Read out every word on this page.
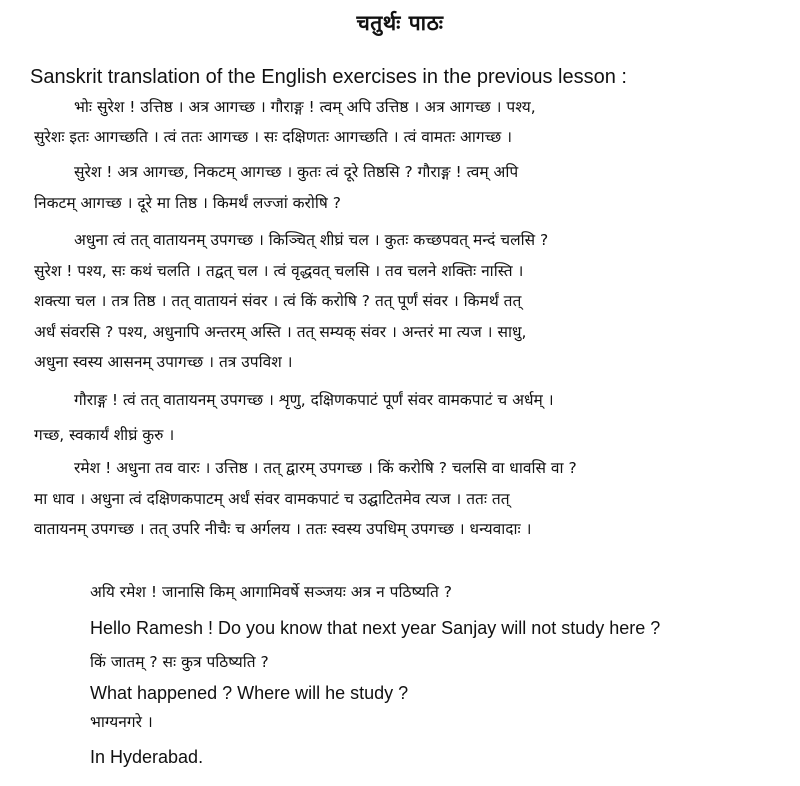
चतुर्थः पाठः
Sanskrit translation of the English exercises in the previous lesson :
भोः सुरेश ! उत्तिष्ठ । अत्र आगच्छ । गौराङ्ग ! त्वम् अपि उत्तिष्ठ । अत्र आगच्छ । पश्य,
सुरेशः इतः आगच्छति । त्वं ततः आगच्छ । सः दक्षिणतः आगच्छति । त्वं वामतः आगच्छ ।
सुरेश ! अत्र आगच्छ, निकटम् आगच्छ । कुतः त्वं दूरे तिष्ठसि ? गौराङ्ग ! त्वम् अपि
निकटम् आगच्छ । दूरे मा तिष्ठ । किमर्थं लज्जां करोषि ?
अधुना त्वं तत् वातायनम् उपगच्छ । किञ्चित् शीघ्रं चल । कुतः कच्छपवत् मन्दं चलसि ?
सुरेश ! पश्य, सः कथं चलति । तद्वत् चल । त्वं वृद्धवत् चलसि । तव चलने शक्तिः नास्ति ।
शक्त्या चल । तत्र तिष्ठ । तत् वातायनं संवर । त्वं किं करोषि ? तत् पूर्णं संवर । किमर्थं तत्
अर्धं संवरसि ? पश्य, अधुनापि अन्तरम् अस्ति । तत् सम्यक् संवर । अन्तरं मा त्यज । साधु,
अधुना स्वस्य आसनम् उपागच्छ । तत्र उपविश ।
गौराङ्ग ! त्वं तत् वातायनम् उपगच्छ । शृणु, दक्षिणकपाटं पूर्णं संवर वामकपाटं च अर्धम् ।
गच्छ, स्वकार्यं शीघ्रं कुरु ।
रमेश ! अधुना तव वारः । उत्तिष्ठ । तत् द्वारम् उपगच्छ । किं करोषि ? चलसि वा धावसि वा ?
मा धाव । अधुना त्वं दक्षिणकपाटम् अर्धं संवर वामकपाटं च उद्घाटितमेव त्यज । ततः तत्
वातायनम् उपगच्छ । तत् उपरि नीचैः च अर्गलय । ततः स्वस्य उपधिम् उपगच्छ । धन्यवादाः ।
अयि रमेश ! जानासि किम् आगामिवर्षे सञ्जयः अत्र न पठिष्यति ?
Hello Ramesh ! Do you know that next year Sanjay will not study here ?
किं जातम् ? सः कुत्र पठिष्यति ?
What happened ? Where will he study ?
भाग्यनगरे ।
In Hyderabad.
